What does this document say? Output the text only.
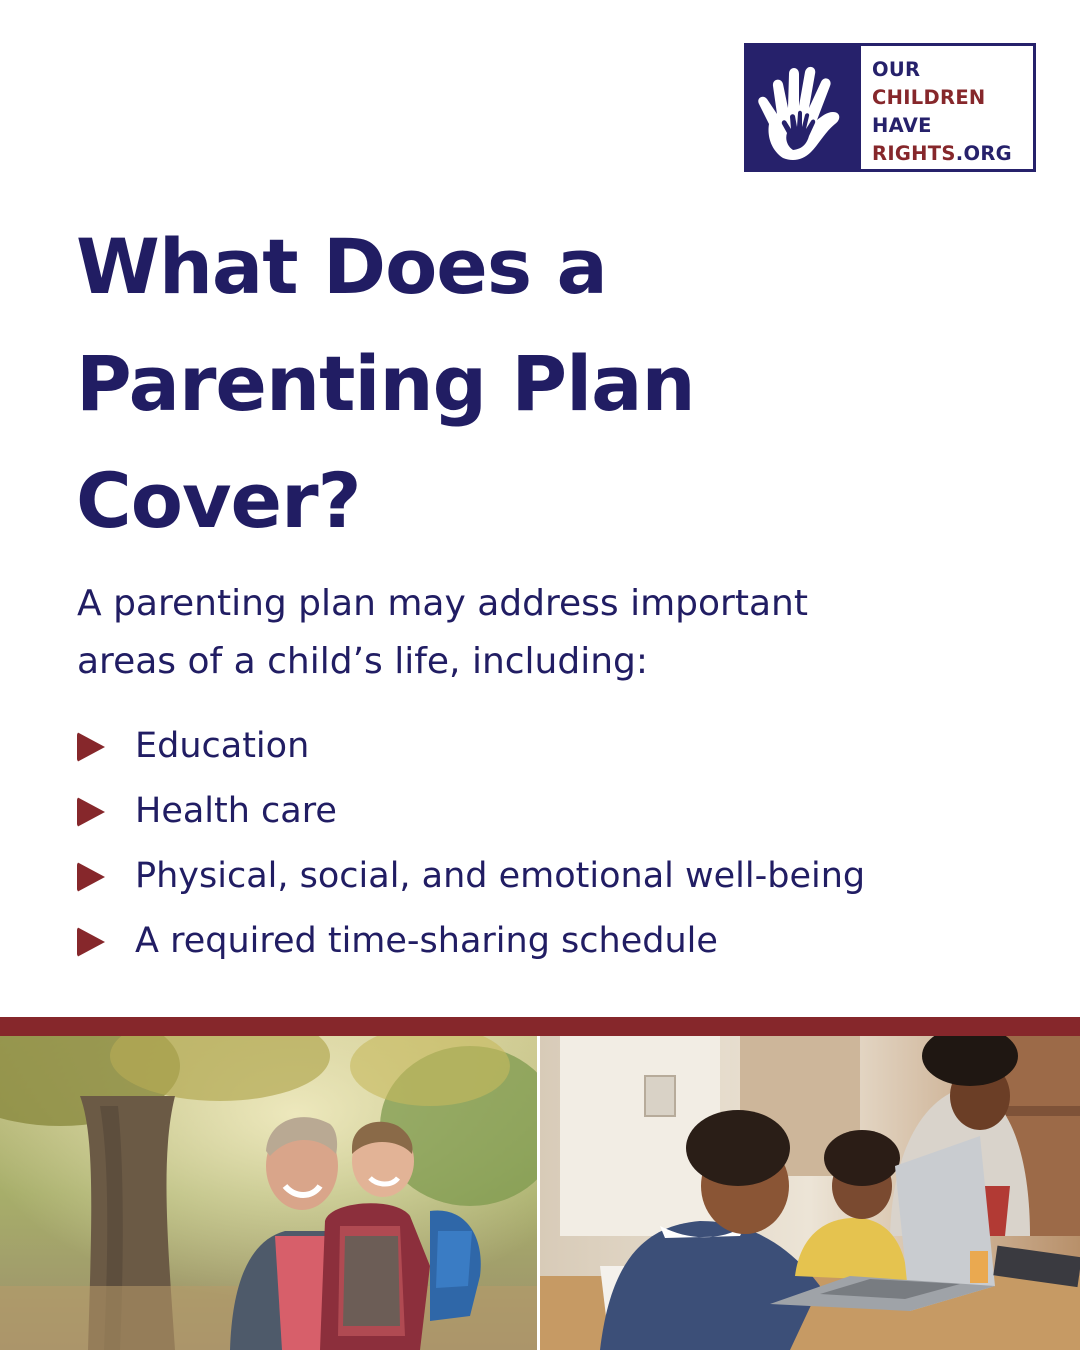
OUR
CHILDREN
HAVE
RIGHTS.ORG
What Does a
Parenting Plan
Cover?

A parenting plan may address important
areas of a child’s life, including:

Education
Health care
Physical, social, and emotional well-being
A required time-sharing schedule
